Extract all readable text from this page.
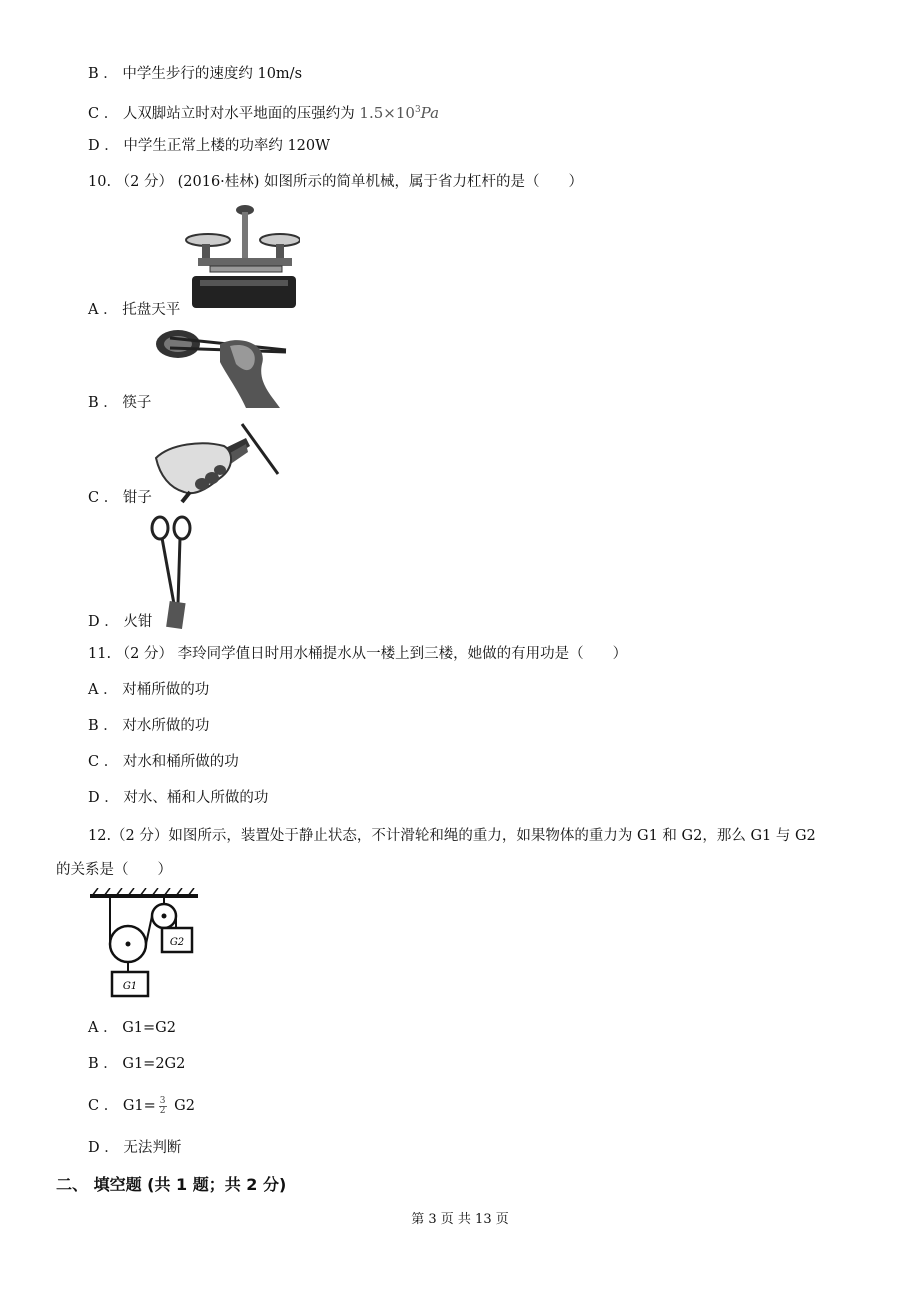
B ． 中学生步行的速度约 10m/s
C ． 人双脚站立时对水平地面的压强约为 $1.5\times 10^3Pa$
D ． 中学生正常上楼的功率约 120W
10. （2 分） (2016·桂林) 如图所示的简单机械，属于省力杠杆的是（　　）
A ． 托盘天平
B ． 筷子
C ． 钳子
D ． 火钳
11. （2 分） 李玲同学值日时用水桶提水从一楼上到三楼，她做的有用功是（　　）
A ． 对桶所做的功
B ． 对水所做的功
C ． 对水和桶所做的功
D ． 对水、桶和人所做的功
12.（2 分）如图所示，装置处于静止状态，不计滑轮和绳的重力，如果物体的重力为 G1 和 G2，那么 G1 与 G2
的关系是（　　）
G2
G1
A ． G1=G2
B ． G1=2G2
C ． $G1= \frac{3}{2} G2$
D ． 无法判断
二、 填空题 (共 1 题；共 2 分)
第 3 页 共 13 页
